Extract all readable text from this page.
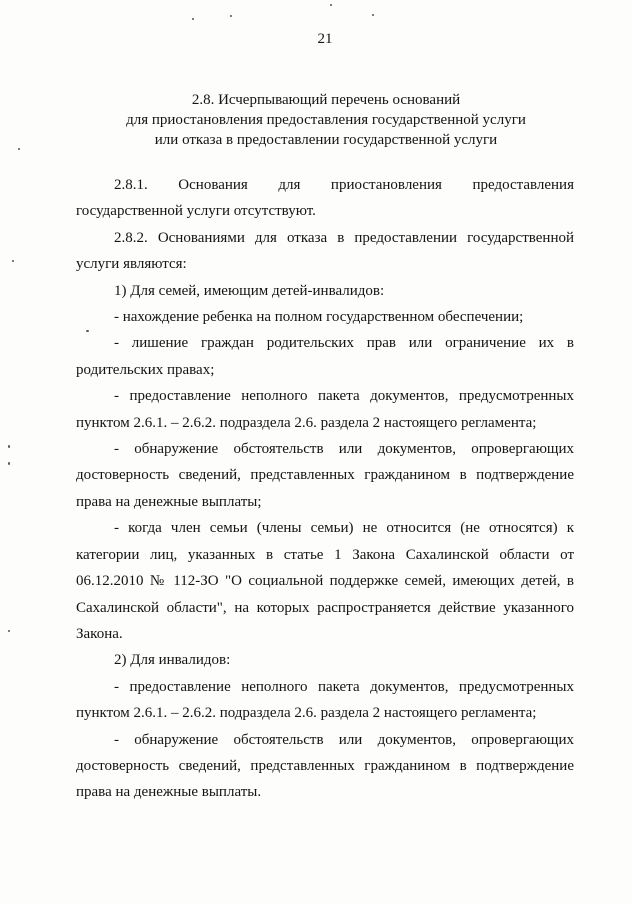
21
2.8. Исчерпывающий перечень оснований
для приостановления предоставления государственной услуги
или отказа в предоставлении государственной услуги

2.8.1. Основания для приостановления предоставления государственной услуги отсутствуют.

2.8.2. Основаниями для отказа в предоставлении государственной услуги являются:

1) Для семей, имеющим детей-инвалидов:

- нахождение ребенка на полном государственном обеспечении;

- лишение граждан родительских прав или ограничение их в родительских правах;

- предоставление неполного пакета документов, предусмотренных пунктом 2.6.1. – 2.6.2. подраздела 2.6. раздела 2 настоящего регламента;

- обнаружение обстоятельств или документов, опровергающих достоверность сведений, представленных гражданином в подтверждение права на денежные выплаты;

- когда член семьи (члены семьи) не относится (не относятся) к категории лиц, указанных в статье 1 Закона Сахалинской области от 06.12.2010 № 112-ЗО "О социальной поддержке семей, имеющих детей, в Сахалинской области", на которых распространяется действие указанного Закона.

2) Для инвалидов:

- предоставление неполного пакета документов, предусмотренных пунктом 2.6.1. – 2.6.2. подраздела 2.6. раздела 2 настоящего регламента;

- обнаружение обстоятельств или документов, опровергающих достоверность сведений, представленных гражданином в подтверждение права на денежные выплаты.
